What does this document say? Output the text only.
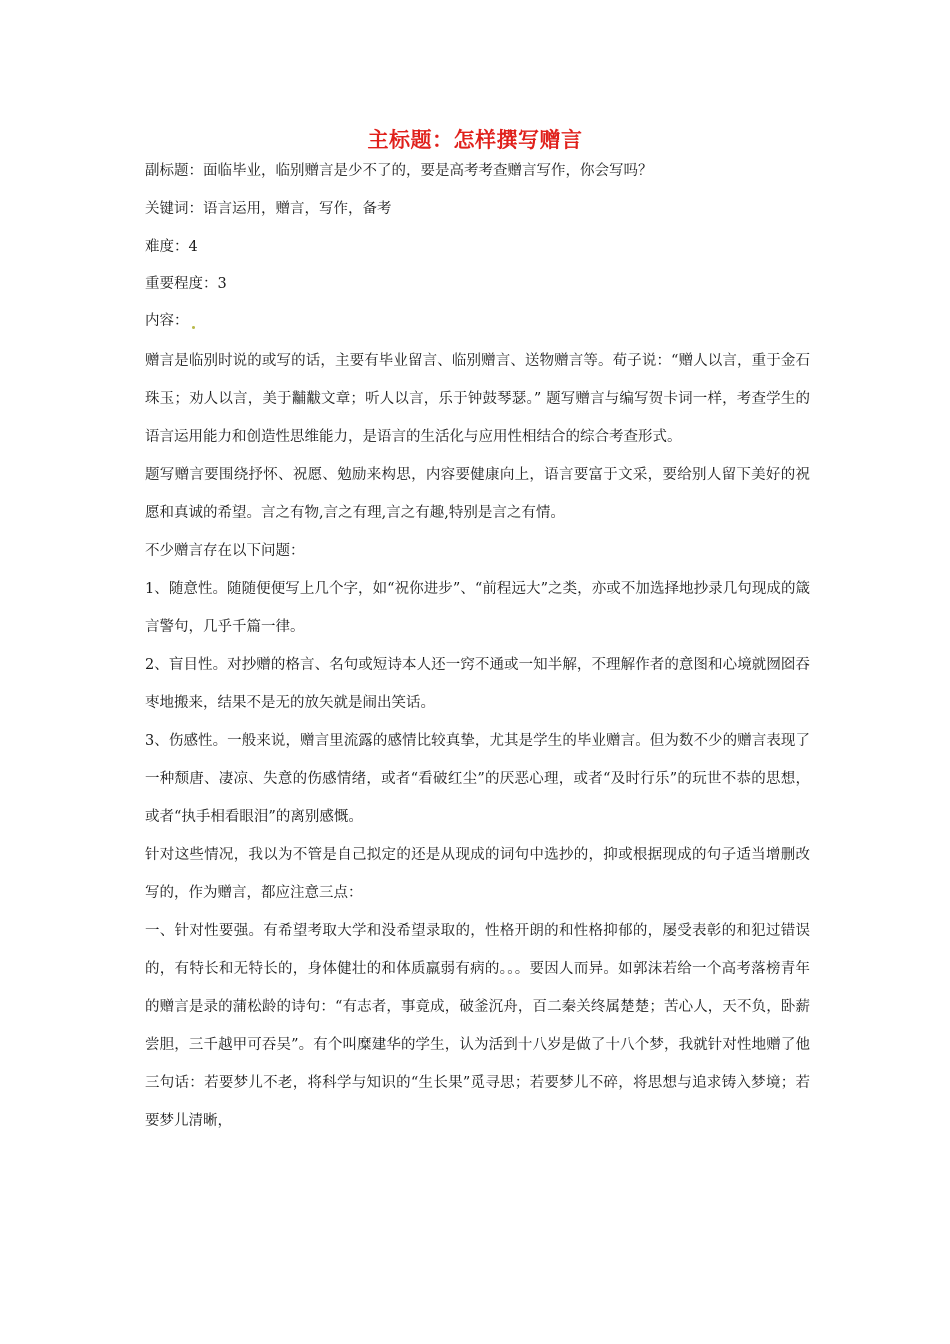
主标题：怎样撰写赠言
副标题：面临毕业，临别赠言是少不了的，要是高考考查赠言写作，你会写吗？
关键词：语言运用，赠言，写作，备考
难度：4
重要程度：3
内容：

赠言是临别时说的或写的话，主要有毕业留言、临别赠言、送物赠言等。荀子说：“赠人以言，重于金石珠玉；劝人以言，美于黼黻文章；听人以言，乐于钟鼓琴瑟。” 题写赠言与编写贺卡词一样，考查学生的语言运用能力和创造性思维能力，是语言的生活化与应用性相结合的综合考查形式。

题写赠言要围绕抒怀、祝愿、勉励来构思，内容要健康向上，语言要富于文采，要给别人留下美好的祝愿和真诚的希望。言之有物,言之有理,言之有趣,特别是言之有情。

不少赠言存在以下问题：

1、随意性。随随便便写上几个字，如“祝你进步”、“前程远大”之类，亦或不加选择地抄录几句现成的箴言警句，几乎千篇一律。

2、盲目性。对抄赠的格言、名句或短诗本人还一窍不通或一知半解，不理解作者的意图和心境就囫囵吞枣地搬来，结果不是无的放矢就是闹出笑话。

3、伤感性。一般来说，赠言里流露的感情比较真挚，尤其是学生的毕业赠言。但为数不少的赠言表现了一种颓唐、凄凉、失意的伤感情绪，或者“看破红尘”的厌恶心理，或者“及时行乐”的玩世不恭的思想，或者“执手相看眼泪”的离别感慨。

针对这些情况，我以为不管是自己拟定的还是从现成的词句中选抄的，抑或根据现成的句子适当增删改写的，作为赠言，都应注意三点：

一、针对性要强。有希望考取大学和没希望录取的，性格开朗的和性格抑郁的，屡受表彰的和犯过错误的，有特长和无特长的，身体健壮的和体质羸弱有病的。。。要因人而异。如郭沫若给一个高考落榜青年的赠言是录的蒲松龄的诗句：“有志者，事竟成，破釜沉舟，百二秦关终属楚楚；苦心人，天不负，卧薪尝胆，三千越甲可吞吴”。有个叫糜建华的学生，认为活到十八岁是做了十八个梦，我就针对性地赠了他三句话：若要梦儿不老，将科学与知识的“生长果”觅寻思；若要梦儿不碎，将思想与追求铸入梦境；若要梦儿清晰，
